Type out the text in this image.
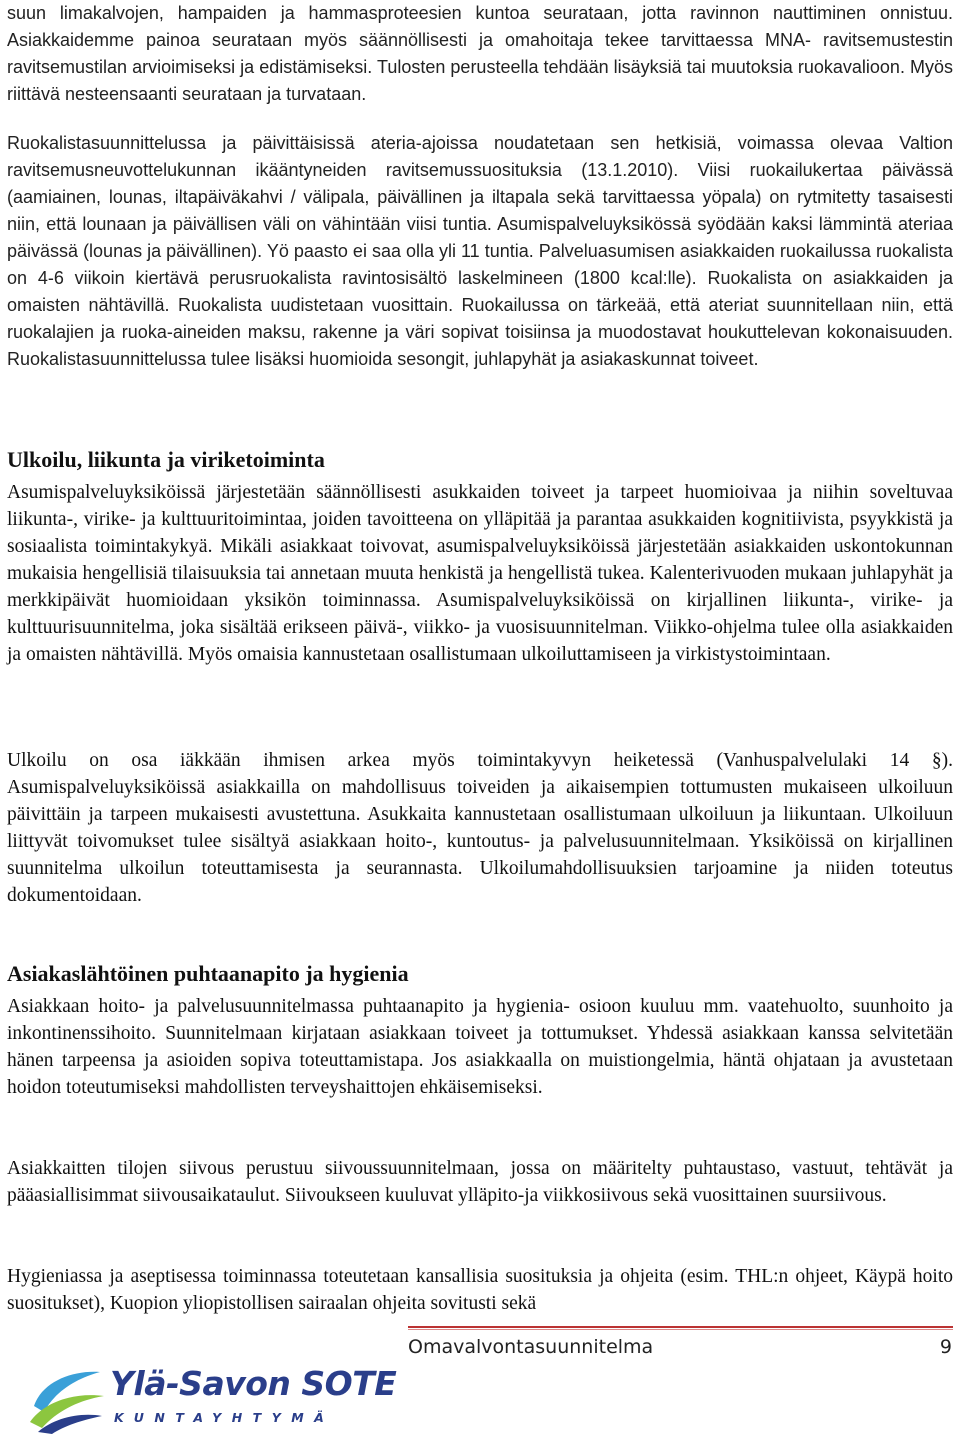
suun limakalvojen, hampaiden ja hammasproteesien kuntoa seurataan, jotta ravinnon nauttiminen onnistuu. Asiakkaidemme painoa seurataan myös säännöllisesti ja omahoitaja tekee tarvittaessa MNA- ravitsemustestin ravitsemustilan arvioimiseksi ja edistämiseksi. Tulosten perusteella tehdään lisäyksiä tai muutoksia ruokavalioon. Myös riittävä nesteensaanti seurataan ja turvataan.

Ruokalistasuunnittelussa ja päivittäisissä ateria-ajoissa noudatetaan sen hetkisiä, voimassa olevaa Valtion ravitsemusneuvottelukunnan ikääntyneiden ravitsemussuosituksia (13.1.2010). Viisi ruokailukertaa päivässä (aamiainen, lounas, iltapäiväkahvi / välipala, päivällinen ja iltapala sekä tarvittaessa yöpala) on rytmitetty tasaisesti niin, että lounaan ja päivällisen väli on vähintään viisi tuntia. Asumispalveluyksikössä syödään kaksi lämmintä ateriaa päivässä (lounas ja päivällinen). Yö paasto ei saa olla yli 11 tuntia. Palveluasumisen asiakkaiden ruokailussa ruokalista on 4-6 viikoin kiertävä perusruokalista ravintosisältö laskelmineen (1800 kcal:lle). Ruokalista on asiakkaiden ja omaisten nähtävillä. Ruokalista uudistetaan vuosittain. Ruokailussa on tärkeää, että ateriat suunnitellaan niin, että ruokalajien ja ruoka-aineiden maksu, rakenne ja väri sopivat toisiinsa ja muodostavat houkuttelevan kokonaisuuden. Ruokalistasuunnittelussa tulee lisäksi huomioida sesongit, juhlapyhät ja asiakaskunnat toiveet.

Ulkoilu, liikunta ja viriketoiminta

Asumispalveluyksiköissä järjestetään säännöllisesti asukkaiden toiveet ja tarpeet huomioivaa ja niihin soveltuvaa liikunta-, virike- ja kulttuuritoimintaa, joiden tavoitteena on ylläpitää ja parantaa asukkaiden kognitiivista, psyykkistä ja sosiaalista toimintakykyä. Mikäli asiakkaat toivovat, asumispalveluyksiköissä järjestetään asiakkaiden uskontokunnan mukaisia hengellisiä tilaisuuksia tai annetaan muuta henkistä ja hengellistä tukea. Kalenterivuoden mukaan juhlapyhät ja merkkipäivät huomioidaan yksikön toiminnassa. Asumispalveluyksiköissä on kirjallinen liikunta-, virike- ja kulttuurisuunnitelma, joka sisältää erikseen päivä-, viikko- ja vuosisuunnitelman. Viikko-ohjelma tulee olla asiakkaiden ja omaisten nähtävillä. Myös omaisia kannustetaan osallistumaan ulkoiluttamiseen ja virkistystoimintaan.

Ulkoilu on osa iäkkään ihmisen arkea myös toimintakyvyn heiketessä (Vanhuspalvelulaki 14 §). Asumispalveluyksiköissä asiakkailla on mahdollisuus toiveiden ja aikaisempien tottumusten mukaiseen ulkoiluun päivittäin ja tarpeen mukaisesti avustettuna. Asukkaita kannustetaan osallistumaan ulkoiluun ja liikuntaan. Ulkoiluun liittyvät toivomukset tulee sisältyä asiakkaan hoito-, kuntoutus- ja palvelusuunnitelmaan. Yksiköissä on kirjallinen suunnitelma ulkoilun toteuttamisesta ja seurannasta. Ulkoilumahdollisuuksien tarjoamine ja niiden toteutus dokumentoidaan.

Asiakaslähtöinen puhtaanapito ja hygienia

Asiakkaan hoito- ja palvelusuunnitelmassa puhtaanapito ja hygienia- osioon kuuluu mm. vaatehuolto, suunhoito ja inkontinenssihoito. Suunnitelmaan kirjataan asiakkaan toiveet ja tottumukset. Yhdessä asiakkaan kanssa selvitetään hänen tarpeensa ja asioiden sopiva toteuttamistapa. Jos asiakkaalla on muistiongelmia, häntä ohjataan ja avustetaan hoidon toteutumiseksi mahdollisten terveyshaittojen ehkäisemiseksi.

Asiakkaitten tilojen siivous perustuu siivoussuunnitelmaan, jossa on määritelty puhtaustaso, vastuut, tehtävät ja pääasiallisimmat siivousaikataulut. Siivoukseen kuuluvat ylläpito-ja viikkosiivous sekä vuosittainen suursiivous.

Hygieniassa ja aseptisessa toiminnassa toteutetaan kansallisia suosituksia ja ohjeita (esim. THL:n ohjeet, Käypä hoito suositukset), Kuopion yliopistollisen sairaalan ohjeita sovitusti sekä

Omavalvontasuunnitelma	9
Ylä-Savon SOTE
KUNTAYHTYMÄ
